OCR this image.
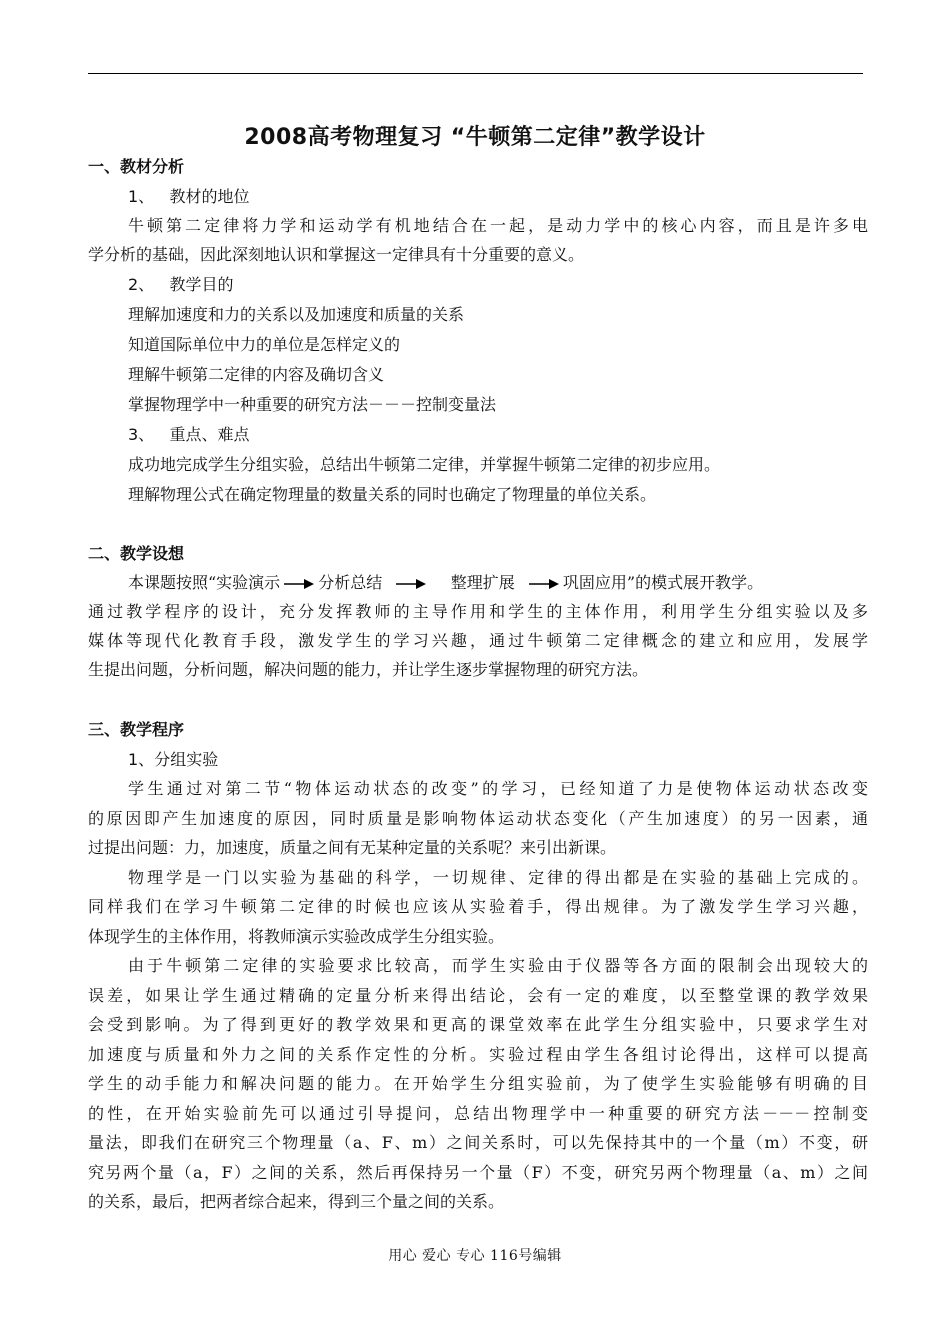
2008高考物理复习 “牛顿第二定律”教学设计
一、教材分析
1、 教材的地位
牛顿第二定律将力学和运动学有机地结合在一起，是动力学中的核心内容，而且是许多电
学分析的基础，因此深刻地认识和掌握这一定律具有十分重要的意义。
2、 教学目的
理解加速度和力的关系以及加速度和质量的关系
知道国际单位中力的单位是怎样定义的
理解牛顿第二定律的内容及确切含义
掌握物理学中一种重要的研究方法－－－控制变量法
3、 重点、难点
成功地完成学生分组实验，总结出牛顿第二定律，并掌握牛顿第二定律的初步应用。
理解物理公式在确定物理量的数量关系的同时也确定了物理量的单位关系。
二、教学设想
本课题按照“实验演示 分析总结	整理扩展	巩固应用”的模式展开教学。
通过教学程序的设计，充分发挥教师的主导作用和学生的主体作用，利用学生分组实验以及多
媒体等现代化教育手段，激发学生的学习兴趣，通过牛顿第二定律概念的建立和应用，发展学
生提出问题，分析问题，解决问题的能力，并让学生逐步掌握物理的研究方法。
三、教学程序
1、分组实验
学生通过对第二节“物体运动状态的改变”的学习，已经知道了力是使物体运动状态改变
的原因即产生加速度的原因，同时质量是影响物体运动状态变化（产生加速度）的另一因素，通
过提出问题：力，加速度，质量之间有无某种定量的关系呢？来引出新课。
物理学是一门以实验为基础的科学，一切规律、定律的得出都是在实验的基础上完成的。
同样我们在学习牛顿第二定律的时候也应该从实验着手，得出规律。为了激发学生学习兴趣，
体现学生的主体作用，将教师演示实验改成学生分组实验。
由于牛顿第二定律的实验要求比较高，而学生实验由于仪器等各方面的限制会出现较大的
误差，如果让学生通过精确的定量分析来得出结论，会有一定的难度，以至整堂课的教学效果
会受到影响。为了得到更好的教学效果和更高的课堂效率在此学生分组实验中，只要求学生对
加速度与质量和外力之间的关系作定性的分析。实验过程由学生各组讨论得出，这样可以提高
学生的动手能力和解决问题的能力。在开始学生分组实验前，为了使学生实验能够有明确的目
的性，在开始实验前先可以通过引导提问，总结出物理学中一种重要的研究方法－－－控制变
量法，即我们在研究三个物理量（a、F、m）之间关系时，可以先保持其中的一个量（m）不变，研
究另两个量（a，F）之间的关系，然后再保持另一个量（F）不变，研究另两个物理量（a、m）之间
的关系，最后，把两者综合起来，得到三个量之间的关系。
用心 爱心 专心 116号编辑
